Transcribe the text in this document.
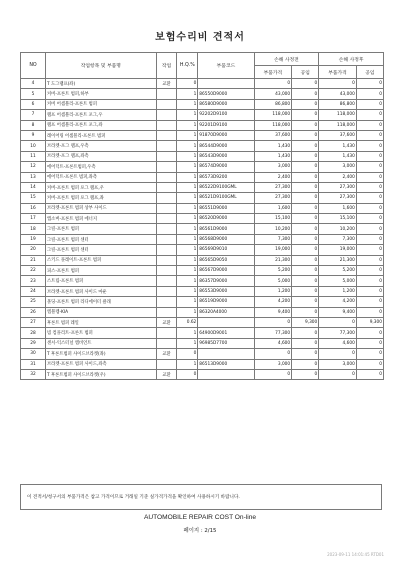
보험수리비 견적서
NO	작업항목 및 부품명	작업	H.Q.%	부품코드	손해 사정전		손해 사정후	
					부품가격	공임	부품가격	공임
4	T 도그램프(좌)	교환	0		0	0	0	0
5	커버-프론트 범퍼,하부		1	86550D9000	43,000	0	43,000	0
6	커버 어셈블리-프론트 범퍼		1	86580D9000	86,800	0	86,800	0
7	램프 어셈블리-프론트 포그,우		1	92202D9100	118,000	0	118,000	0
8	램프 어셈블리-프론트 포그,좌		1	92201D9100	118,000	0	118,000	0
9	레이어링 어셈블리-프론트 범퍼		1	91870D9000	37,600	0	37,600	0
10	브라켓-포그 램프,우측		1	86544D9000	1,430	0	1,430	0
11	브라켓-포그 램프,좌측		1	86543D9000	1,430	0	1,430	0
12	에어덕트-프론트범퍼,우측		1	86574D9000	3,000	0	3,000	0
13	에어덕트-프론트 범퍼,좌측		1	86573D9200	2,400	0	2,400	0
14	커버-프론트 범퍼 포그 램프,우		1	86522D9100GML	27,300	0	27,300	0
15	커버-프론트 범퍼 포그 램프,좌		1	86521D9100GML	27,300	0	27,300	0
16	브라켓-프론트 범퍼 상부 사이드		1	86551D9000	1,600	0	1,600	0
17	앱소버-프론트 범퍼 에너지		1	86520D9000	15,100	0	15,100	0
18	그릴-프론트 범퍼		1	86561D9000	10,200	0	10,200	0
19	그릴-프론트 범퍼 센터		1	86568D9000	7,300	0	7,300	0
20	그릴-프론트 범퍼 센터		1	86569D9010	19,000	0	19,000	0
21	스키드 플레이트-프론트 범퍼		1	86565D9050	21,300	0	21,300	0
22	피스-프론트 범퍼		1	86567D9000	5,200	0	5,200	0
23	스트립-프론트 범퍼		1	86357D9000	5,000	0	5,000	0
24	브라켓-프론트 범퍼 사이드 마운		1	86553D9000	1,200	0	1,200	0
25	몰딩-프론트 범퍼 라디에이터 클래		1	86519D9000	4,200	0	4,200	0
26	엠블렘-KIA		1	86320A4000	9,400	0	9,400	0
27	후론트 범퍼 레일	교환	0.62		0	9,300	0	9,300
28	빔 컴플리트-프론트 범퍼		1	64900D9001	77,300	0	77,300	0
29	센서-익스터널 엠비언트		1	96985D7700	4,600	0	4,600	0
30	T 후론트범퍼 사이드브라켓(좌)	교환	0		0	0	0	0
31	브라켓-프론트 범퍼 사이드,좌측		1	86513D9000	3,000	0	3,000	0
32	T 후론트범퍼 사이드브라켓(우)	교환	0		0	0	0	0
이 견적서/청구서의 부품가격은 참고 가격이므로 거래일 기준 실가격가격을 확인하여 사용하시기 바랍니다.
AUTOMOBILE REPAIR COST On-line
페이지 : 2/15
2023-09-11 14:01:45 RTD01
